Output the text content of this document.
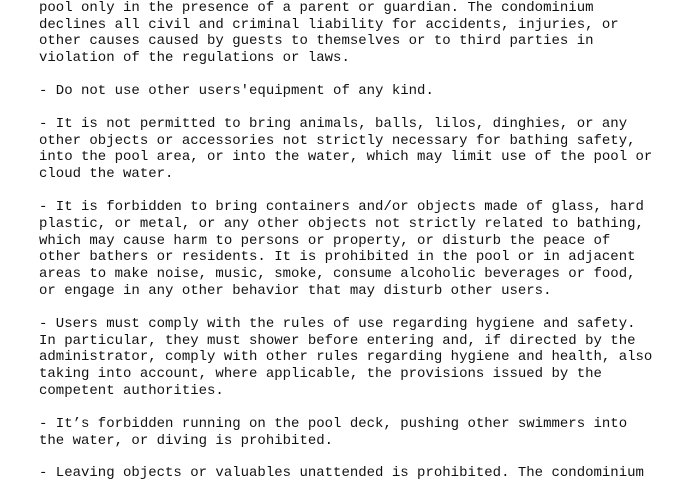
pool only in the presence of a parent or guardian. The condominium
declines all civil and criminal liability for accidents, injuries, or
other causes caused by guests to themselves or to third parties in
violation of the regulations or laws.
- Do not use other users'equipment of any kind.
- It is not permitted to bring animals, balls, lilos, dinghies, or any
other objects or accessories not strictly necessary for bathing safety,
into the pool area, or into the water, which may limit use of the pool or
cloud the water.
- It is forbidden to bring containers and/or objects made of glass, hard
plastic, or metal, or any other objects not strictly related to bathing,
which may cause harm to persons or property, or disturb the peace of
other bathers or residents. It is prohibited in the pool or in adjacent
areas to make noise, music, smoke, consume alcoholic beverages or food,
or engage in any other behavior that may disturb other users.
- Users must comply with the rules of use regarding hygiene and safety.
In particular, they must shower before entering and, if directed by the
administrator, comply with other rules regarding hygiene and health, also
taking into account, where applicable, the provisions issued by the
competent authorities.
- It’s forbidden running on the pool deck, pushing other swimmers into
the water, or diving is prohibited.
- Leaving objects or valuables unattended is prohibited. The condominium
